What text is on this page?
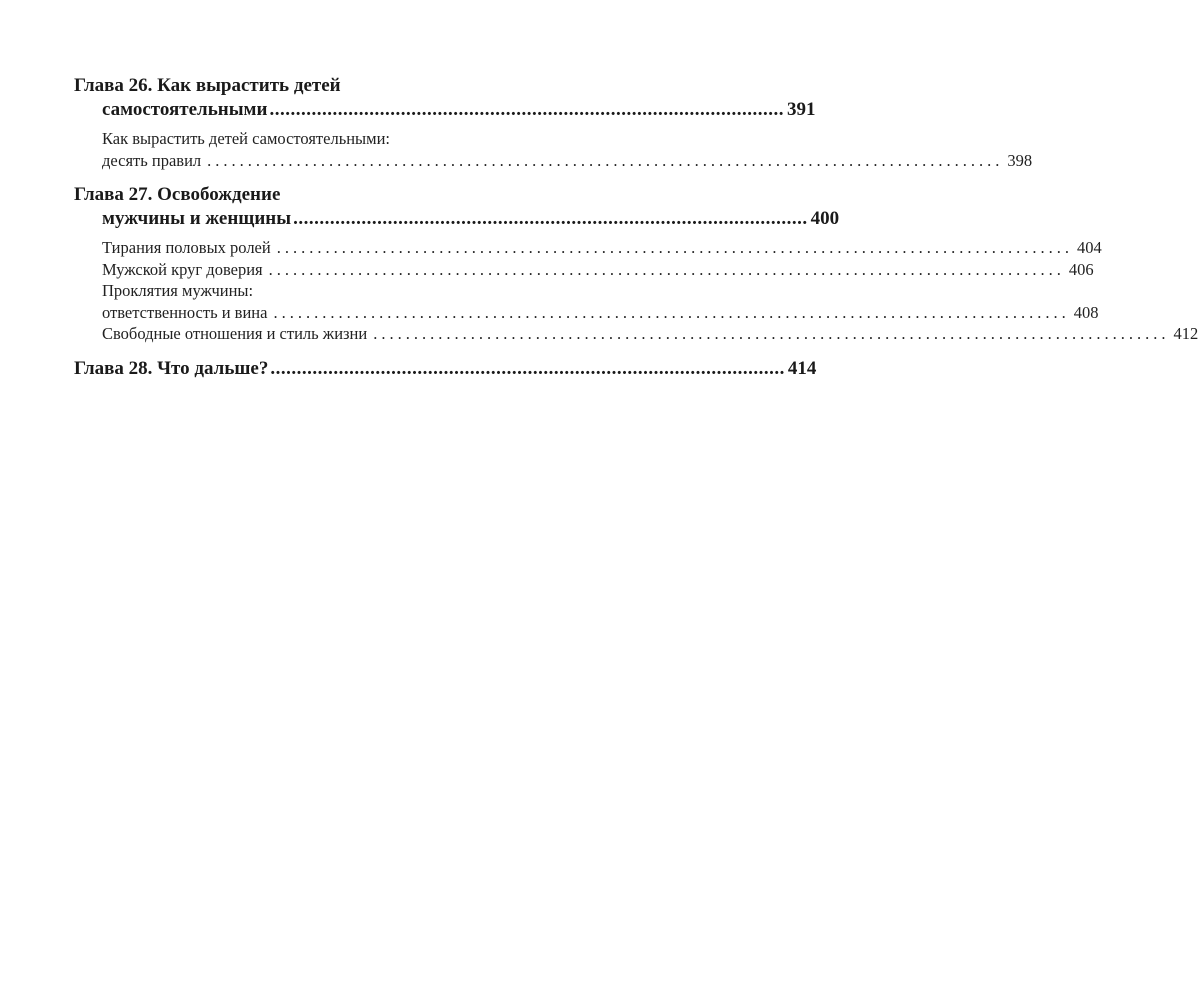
Глава 26. Как вырастить детей
самостоятельными .................................................................................................. 391
Как вырастить детей самостоятельными:
десять правил .................................................................................................. 398
Глава 27. Освобождение
мужчины и женщины .................................................................................................. 400
Тирания половых ролей .................................................................................................. 404
Мужской круг доверия .................................................................................................. 406
Проклятия мужчины:
ответственность и вина .................................................................................................. 408
Свободные отношения и стиль жизни .................................................................................................. 412
Глава 28. Что дальше? .................................................................................................. 414
